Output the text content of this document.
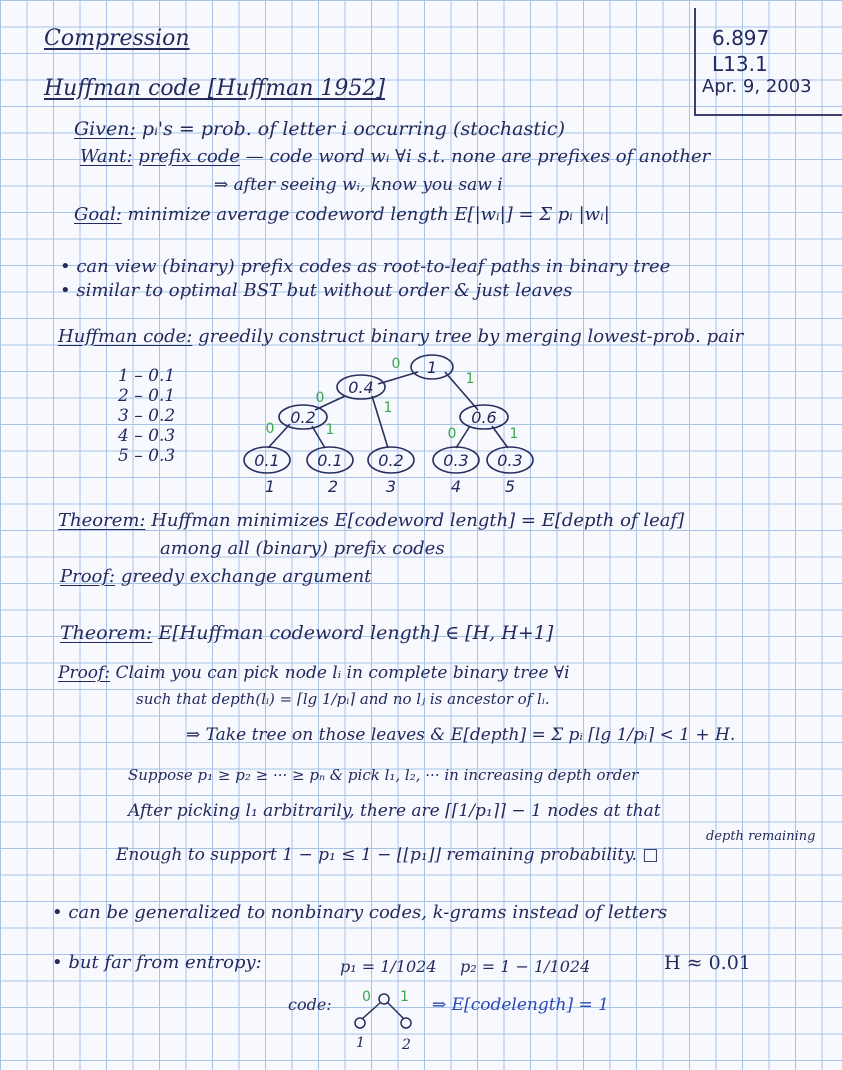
6.897
L13.1
Apr. 9, 2003
Compression
Huffman code [Huffman 1952]
Given: pᵢ's = prob. of letter i occurring (stochastic)
Want: prefix code — code word wᵢ ∀i s.t. none are prefixes of another
⇒ after seeing wᵢ, know you saw i
Goal: minimize average codeword length E[|wᵢ|] = Σ pᵢ |wᵢ|
• can view (binary) prefix codes as root-to-leaf paths in binary tree
• similar to optimal BST but without order & just leaves
Huffman code: greedily construct binary tree by merging lowest-prob. pair
1 – 0.1
2 – 0.1
3 – 0.2
4 – 0.3
5 – 0.3
1
0.4
0.2	0.6
0.1 0.1 0.2 0.3 0.3
0
1
0
1
0	1	0	1
1	2	3	4	5
Theorem: Huffman minimizes E[codeword length] = E[depth of leaf]
among all (binary) prefix codes
Proof: greedy exchange argument
Theorem: E[Huffman codeword length] ∈ [H, H+1]
Proof: Claim you can pick node lᵢ in complete binary tree ∀i
such that depth(lᵢ) = ⌈lg 1/pᵢ⌉ and no lⱼ is ancestor of lᵢ.
⇒ Take tree on those leaves & E[depth] = Σ pᵢ ⌈lg 1/pᵢ⌉ < 1 + H.
Suppose p₁ ≥ p₂ ≥ ··· ≥ pₙ & pick l₁, l₂, ··· in increasing depth order
After picking l₁ arbitrarily, there are ⌈⌈1/p₁⌉⌉ − 1 nodes at that
depth remaining
Enough to support 1 − p₁ ≤ 1 − ⌊⌊p₁⌋⌋ remaining probability. □
• can be generalized to nonbinary codes, k-grams instead of letters
• but far from entropy:	p₁ = 1/1024 p₂ = 1 − 1/1024	H ≈ 0.01
code: 0 1
1	2
⇒ E[codelength] = 1
